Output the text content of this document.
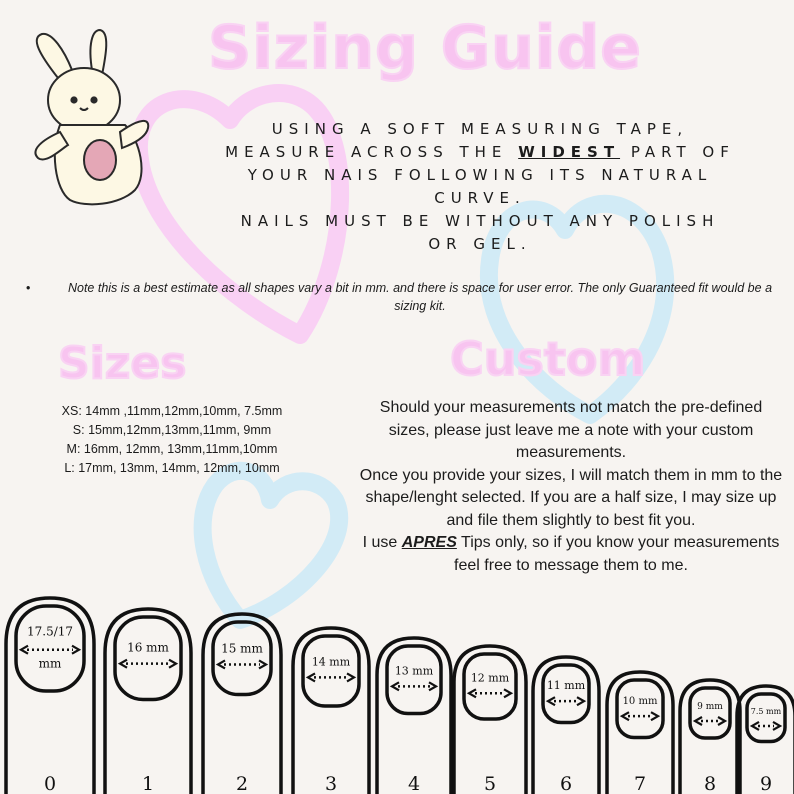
Sizing Guide
USING A SOFT MEASURING TAPE,
MEASURE ACROSS THE WIDEST PART OF
YOUR NAIS FOLLOWING ITS NATURAL
CURVE.
NAILS MUST BE WITHOUT ANY POLISH
OR GEL.
•	Note this is a best estimate as all shapes vary a bit in mm. and there is space for user error. The only Guaranteed fit would be a sizing kit.
Sizes
XS: 14mm ,11mm,12mm,10mm, 7.5mm
S: 15mm,12mm,13mm,11mm, 9mm
M: 16mm, 12mm, 13mm,11mm,10mm
L: 17mm, 13mm, 14mm, 12mm, 10mm
Custom

Should your measurements not match the pre-defined sizes, please just leave me a note with your custom measurements.

Once you provide your sizes, I will match them in mm to the shape/lenght selected. If you are a half size, I may size up and file them slightly to best fit you.

I use APRES Tips only, so if you know your measurements feel free to message them to me.

17.5/17
mm
0
16 mm
1
15 mm
2
14 mm
3
13 mm
4
12 mm
5
11 mm
6
10 mm
7
9 mm
8
7.5 mm
9
